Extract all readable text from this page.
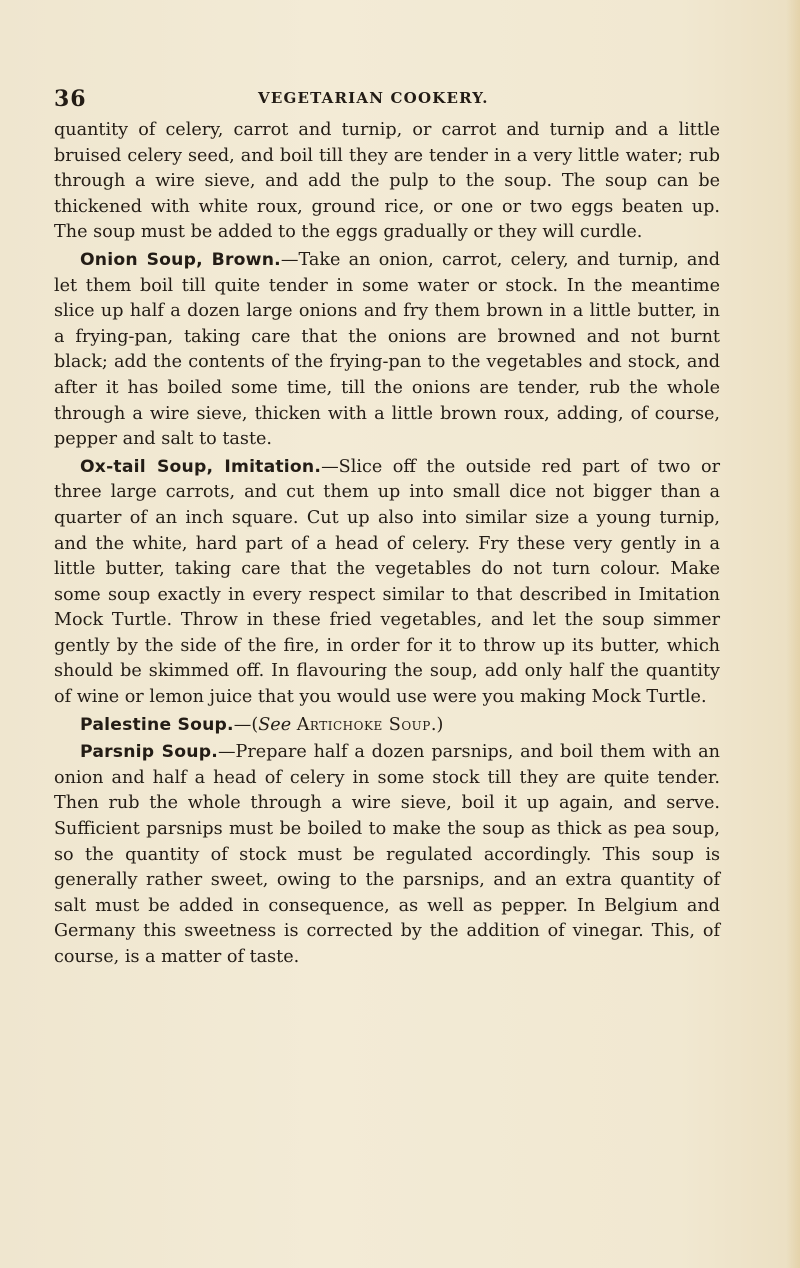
36	VEGETARIAN COOKERY.

quantity of celery, carrot and turnip, or carrot and turnip and a little bruised celery seed, and boil till they are tender in a very little water; rub through a wire sieve, and add the pulp to the soup. The soup can be thickened with white roux, ground rice, or one or two eggs beaten up. The soup must be added to the eggs gradually or they will curdle.

Onion Soup, Brown.—Take an onion, carrot, celery, and turnip, and let them boil till quite tender in some water or stock. In the meantime slice up half a dozen large onions and fry them brown in a little butter, in a frying-pan, taking care that the onions are browned and not burnt black; add the contents of the frying-pan to the vegetables and stock, and after it has boiled some time, till the onions are tender, rub the whole through a wire sieve, thicken with a little brown roux, adding, of course, pepper and salt to taste.

Ox-tail Soup, Imitation.—Slice off the outside red part of two or three large carrots, and cut them up into small dice not bigger than a quarter of an inch square. Cut up also into similar size a young turnip, and the white, hard part of a head of celery. Fry these very gently in a little butter, taking care that the vegetables do not turn colour. Make some soup exactly in every respect similar to that described in Imitation Mock Turtle. Throw in these fried vegetables, and let the soup simmer gently by the side of the fire, in order for it to throw up its butter, which should be skimmed off. In flavouring the soup, add only half the quantity of wine or lemon juice that you would use were you making Mock Turtle.

Palestine Soup.—(See Artichoke Soup.)

Parsnip Soup.—Prepare half a dozen parsnips, and boil them with an onion and half a head of celery in some stock till they are quite tender. Then rub the whole through a wire sieve, boil it up again, and serve. Sufficient parsnips must be boiled to make the soup as thick as pea soup, so the quantity of stock must be regulated accordingly. This soup is generally rather sweet, owing to the parsnips, and an extra quantity of salt must be added in consequence, as well as pepper. In Belgium and Germany this sweetness is corrected by the addition of vinegar. This, of course, is a matter of taste.
